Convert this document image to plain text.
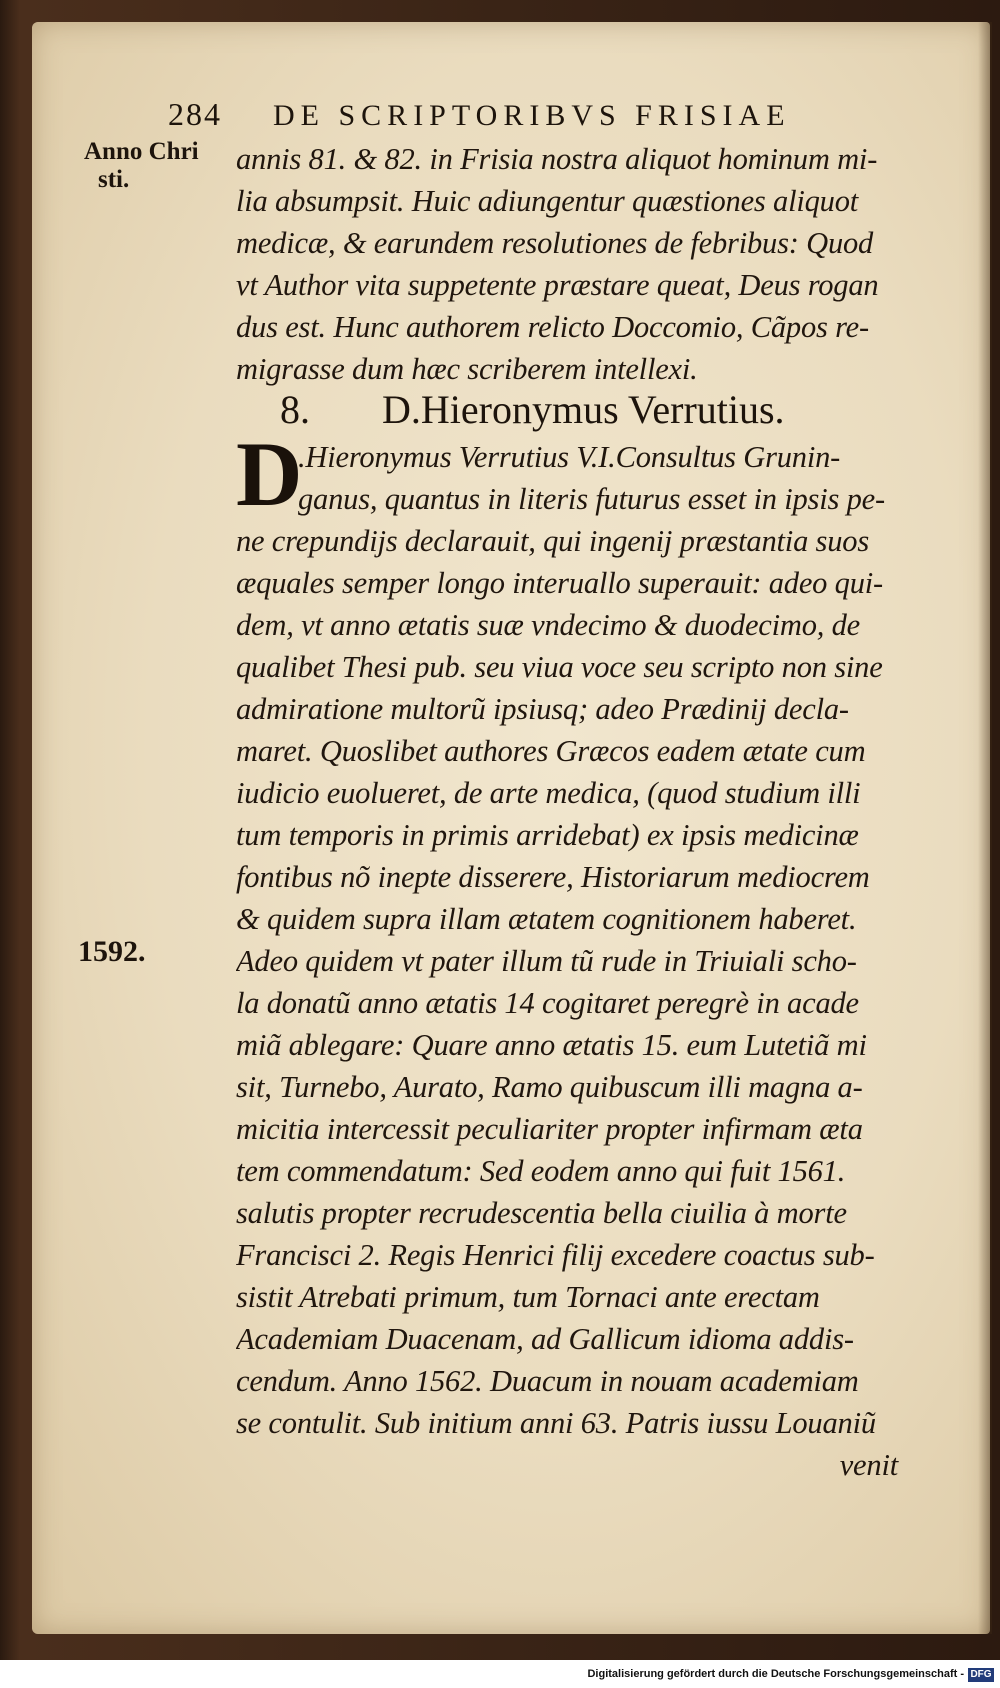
284 DE SCRIPTORIBVS FRISIAE
Anno Chri
sti.
annis 81. & 82. in Frisia nostra aliquot hominum mi-
lia absumpsit. Huic adiungentur quæstiones aliquot
medicæ, & earundem resolutiones de febribus: Quod
vt Author vita suppetente præstare queat, Deus rogan
dus est. Hunc authorem relicto Doccomio, Cãpos re-
migrasse dum hæc scriberem intellexi.
8. D.Hieronymus Verrutius.
D
.Hieronymus Verrutius V.I.Consultus Grunin-
ganus, quantus in literis futurus esset in ipsis pe-
ne crepundijs declarauit, qui ingenij præstantia suos
æquales semper longo interuallo superauit: adeo qui-
dem, vt anno ætatis suæ vndecimo & duodecimo, de
qualibet Thesi pub. seu viua voce seu scripto non sine
admiratione multorũ ipsiusq; adeo Prædinij decla-
maret. Quoslibet authores Græcos eadem ætate cum
iudicio euolueret, de arte medica, (quod studium illi
tum temporis in primis arridebat) ex ipsis medicinæ
fontibus nõ inepte disserere, Historiarum mediocrem
& quidem supra illam ætatem cognitionem haberet.
Adeo quidem vt pater illum tũ rude in Triuiali scho-
la donatũ anno ætatis 14 cogitaret peregrè in acade
miã ablegare: Quare anno ætatis 15. eum Lutetiã mi
sit, Turnebo, Aurato, Ramo quibuscum illi magna a-
micitia intercessit peculiariter propter infirmam æta
tem commendatum: Sed eodem anno qui fuit 1561.
salutis propter recrudescentia bella ciuilia à morte
Francisci 2. Regis Henrici filij excedere coactus sub-
sistit Atrebati primum, tum Tornaci ante erectam
Academiam Duacenam, ad Gallicum idioma addis-
cendum. Anno 1562. Duacum in nouam academiam
se contulit. Sub initium anni 63. Patris iussu Louaniũ
venit
1592.
Digitalisierung gefördert durch die Deutsche Forschungsgemeinschaft - DFG
